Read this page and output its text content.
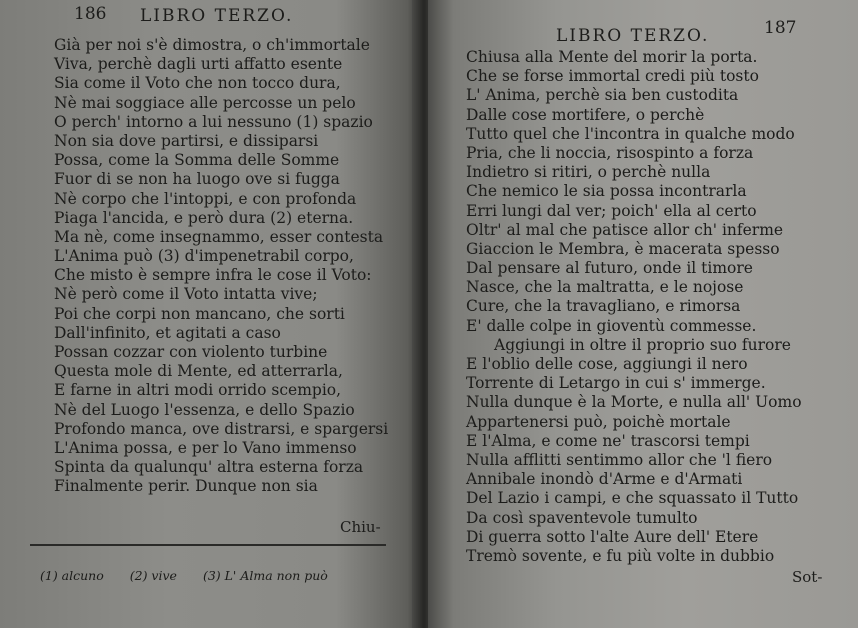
186 LIBRO TERZO.
Già per noi s'è dimostra, o ch'immortale
Viva, perchè dagli urti affatto esente
Sia come il Voto che non tocco dura,
Nè mai soggiace alle percosse un pelo
O perch' intorno a lui nessuno (1) spazio
Non sia dove partirsi, e dissiparsi
Possa, come la Somma delle Somme
Fuor di se non ha luogo ove si fugga
Nè corpo che l'intoppi, e con profonda
Piaga l'ancida, e però dura (2) eterna.
Ma nè, come insegnammo, esser contesta
L'Anima può (3) d'impenetrabil corpo,
Che misto è sempre infra le cose il Voto:
Nè però come il Voto intatta vive;
Poi che corpi non mancano, che sorti
Dall'infinito, et agitati a caso
Possan cozzar con violento turbine
Questa mole di Mente, ed atterrarla,
E farne in altri modi orrido scempio,
Nè del Luogo l'essenza, e dello Spazio
Profondo manca, ove distrarsi, e spargersi
L'Anima possa, e per lo Vano immenso
Spinta da qualunqu' altra esterna forza
Finalmente perir. Dunque non sia
Chiu-
(1) alcuno (2) vive (3) L' Alma non può
LIBRO TERZO.	187
Chiusa alla Mente del morir la porta.
Che se forse immortal credi più tosto
L' Anima, perchè sia ben custodita
Dalle cose mortifere, o perchè
Tutto quel che l'incontra in qualche modo
Pria, che li noccia, risospinto a forza
Indietro si ritiri, o perchè nulla
Che nemico le sia possa incontrarla
Erri lungi dal ver; poich' ella al certo
Oltr' al mal che patisce allor ch' inferme
Giaccion le Membra, è macerata spesso
Dal pensare al futuro, onde il timore
Nasce, che la maltratta, e le nojose
Cure, che la travagliano, e rimorsa
E' dalle colpe in gioventù commesse.
Aggiungi in oltre il proprio suo furore
E l'oblio delle cose, aggiungi il nero
Torrente di Letargo in cui s' immerge.
Nulla dunque è la Morte, e nulla all' Uomo
Appartenersi può, poichè mortale
E l'Alma, e come ne' trascorsi tempi
Nulla afflitti sentimmo allor che 'l fiero
Annibale inondò d'Arme e d'Armati
Del Lazio i campi, e che squassato il Tutto
Da così spaventevole tumulto
Di guerra sotto l'alte Aure dell' Etere
Tremò sovente, e fu più volte in dubbio
Sot-
